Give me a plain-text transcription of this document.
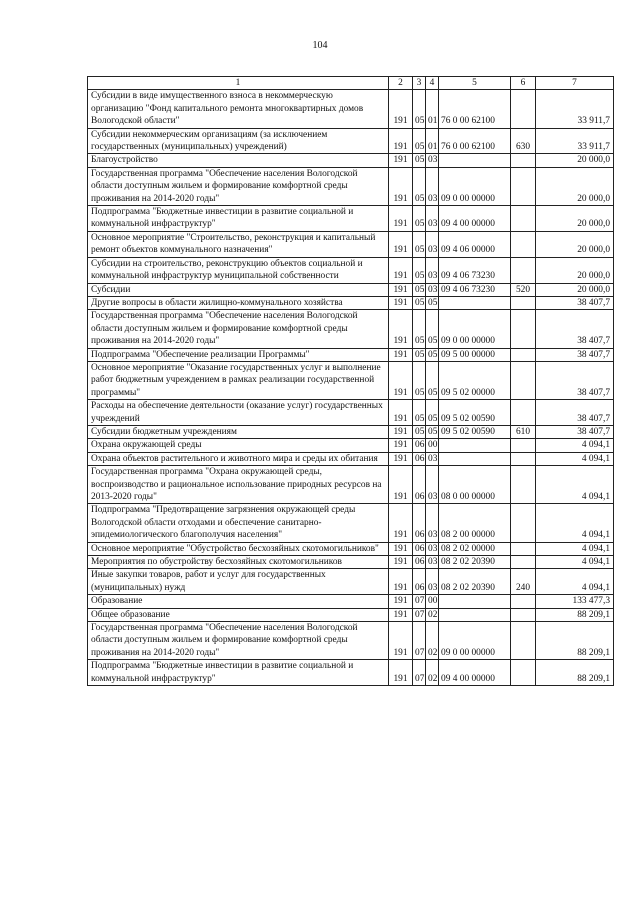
104
1	2	3	4	5	6	7
Субсидии в виде имущественного взноса в некоммерческую организацию "Фонд капитального ремонта многоквартирных домов Вологодской области"	191	05	01	76 0 00 62100		33 911,7
Субсидии некоммерческим организациям (за исключением государственных (муниципальных) учреждений)	191	05	01	76 0 00 62100	630	33 911,7
Благоустройство	191	05	03			20 000,0
Государственная программа "Обеспечение населения Вологодской области доступным жильем и формирование комфортной среды проживания на 2014-2020 годы"	191	05	03	09 0 00 00000		20 000,0
Подпрограмма "Бюджетные инвестиции в развитие социальной и коммунальной инфраструктур"	191	05	03	09 4 00 00000		20 000,0
Основное мероприятие "Строительство, реконструкция и капитальный ремонт объектов коммунального назначения"	191	05	03	09 4 06 00000		20 000,0
Субсидии на строительство, реконструкцию объектов социальной и коммунальной инфраструктур муниципальной собственности	191	05	03	09 4 06 73230		20 000,0
Субсидии	191	05	03	09 4 06 73230	520	20 000,0
Другие вопросы в области жилищно-коммунального хозяйства	191	05	05			38 407,7
Государственная программа "Обеспечение населения Вологодской области доступным жильем и формирование комфортной среды проживания на 2014-2020 годы"	191	05	05	09 0 00 00000		38 407,7
Подпрограмма "Обеспечение реализации Программы"	191	05	05	09 5 00 00000		38 407,7
Основное мероприятие "Оказание государственных услуг и выполнение работ бюджетным учреждением в рамках реализации государственной программы"	191	05	05	09 5 02 00000		38 407,7
Расходы на обеспечение деятельности (оказание услуг) государственных учреждений	191	05	05	09 5 02 00590		38 407,7
Субсидии бюджетным учреждениям	191	05	05	09 5 02 00590	610	38 407,7
Охрана окружающей среды	191	06	00			4 094,1
Охрана объектов растительного и животного мира и среды их обитания	191	06	03			4 094,1
Государственная программа "Охрана окружающей среды, воспроизводство и рациональное использование природных ресурсов на 2013-2020 годы"	191	06	03	08 0 00 00000		4 094,1
Подпрограмма "Предотвращение загрязнения окружающей среды Вологодской области отходами и обеспечение санитарно-эпидемиологического благополучия населения"	191	06	03	08 2 00 00000		4 094,1
Основное мероприятие "Обустройство бесхозяйных скотомогильников"	191	06	03	08 2 02 00000		4 094,1
Мероприятия по обустройству бесхозяйных скотомогильников	191	06	03	08 2 02 20390		4 094,1
Иные закупки товаров, работ и услуг для государственных (муниципальных) нужд	191	06	03	08 2 02 20390	240	4 094,1
Образование	191	07	00			133 477,3
Общее образование	191	07	02			88 209,1
Государственная программа "Обеспечение населения Вологодской области доступным жильем и формирование комфортной среды проживания на 2014-2020 годы"	191	07	02	09 0 00 00000		88 209,1
Подпрограмма "Бюджетные инвестиции в развитие социальной и коммунальной инфраструктур"	191	07	02	09 4 00 00000		88 209,1
